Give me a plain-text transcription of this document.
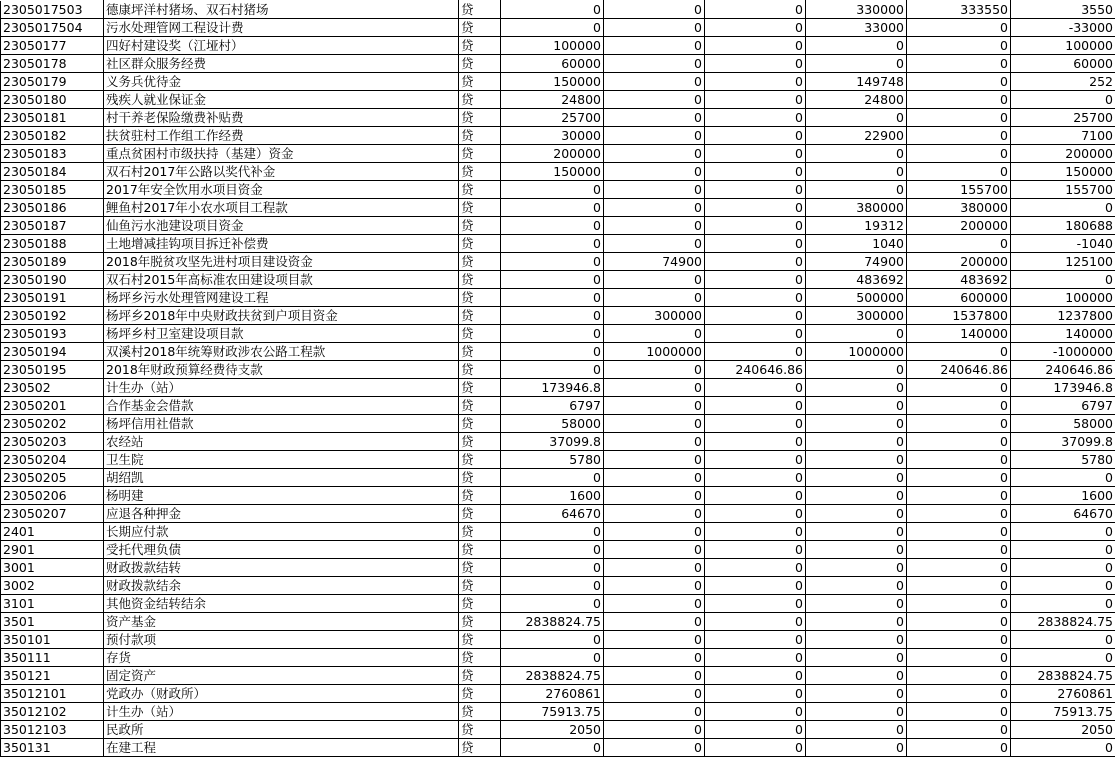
2305017503	德康坪洋村猪场、双石村猪场	贷	0	0	0	330000	333550	3550
2305017504	污水处理管网工程设计费	贷	0	0	0	33000	0	-33000
23050177	四好村建设奖（江垭村）	贷	100000	0	0	0	0	100000
23050178	社区群众服务经费	贷	60000	0	0	0	0	60000
23050179	义务兵优待金	贷	150000	0	0	149748	0	252
23050180	残疾人就业保证金	贷	24800	0	0	24800	0	0
23050181	村干养老保险缴费补贴费	贷	25700	0	0	0	0	25700
23050182	扶贫驻村工作组工作经费	贷	30000	0	0	22900	0	7100
23050183	重点贫困村市级扶持（基建）资金	贷	200000	0	0	0	0	200000
23050184	双石村2017年公路以奖代补金	贷	150000	0	0	0	0	150000
23050185	2017年安全饮用水项目资金	贷	0	0	0	0	155700	155700
23050186	鲤鱼村2017年小农水项目工程款	贷	0	0	0	380000	380000	0
23050187	仙鱼污水池建设项目资金	贷	0	0	0	19312	200000	180688
23050188	土地增减挂钩项目拆迁补偿费	贷	0	0	0	1040	0	-1040
23050189	2018年脱贫攻坚先进村项目建设资金	贷	0	74900	0	74900	200000	125100
23050190	双石村2015年高标准农田建设项目款	贷	0	0	0	483692	483692	0
23050191	杨坪乡污水处理管网建设工程	贷	0	0	0	500000	600000	100000
23050192	杨坪乡2018年中央财政扶贫到户项目资金	贷	0	300000	0	300000	1537800	1237800
23050193	杨坪乡村卫室建设项目款	贷	0	0	0	0	140000	140000
23050194	双溪村2018年统筹财政涉农公路工程款	贷	0	1000000	0	1000000	0	-1000000
23050195	2018年财政预算经费待支款	贷	0	0	240646.86	0	240646.86	240646.86
230502	计生办（站）	贷	173946.8	0	0	0	0	173946.8
23050201	合作基金会借款	贷	6797	0	0	0	0	6797
23050202	杨坪信用社借款	贷	58000	0	0	0	0	58000
23050203	农经站	贷	37099.8	0	0	0	0	37099.8
23050204	卫生院	贷	5780	0	0	0	0	5780
23050205	胡绍凯	贷	0	0	0	0	0	0
23050206	杨明建	贷	1600	0	0	0	0	1600
23050207	应退各种押金	贷	64670	0	0	0	0	64670
2401	长期应付款	贷	0	0	0	0	0	0
2901	受托代理负债	贷	0	0	0	0	0	0
3001	财政拨款结转	贷	0	0	0	0	0	0
3002	财政拨款结余	贷	0	0	0	0	0	0
3101	其他资金结转结余	贷	0	0	0	0	0	0
3501	资产基金	贷	2838824.75	0	0	0	0	2838824.75
350101	预付款项	贷	0	0	0	0	0	0
350111	存货	贷	0	0	0	0	0	0
350121	固定资产	贷	2838824.75	0	0	0	0	2838824.75
35012101	党政办（财政所）	贷	2760861	0	0	0	0	2760861
35012102	计生办（站）	贷	75913.75	0	0	0	0	75913.75
35012103	民政所	贷	2050	0	0	0	0	2050
350131	在建工程	贷	0	0	0	0	0	0
